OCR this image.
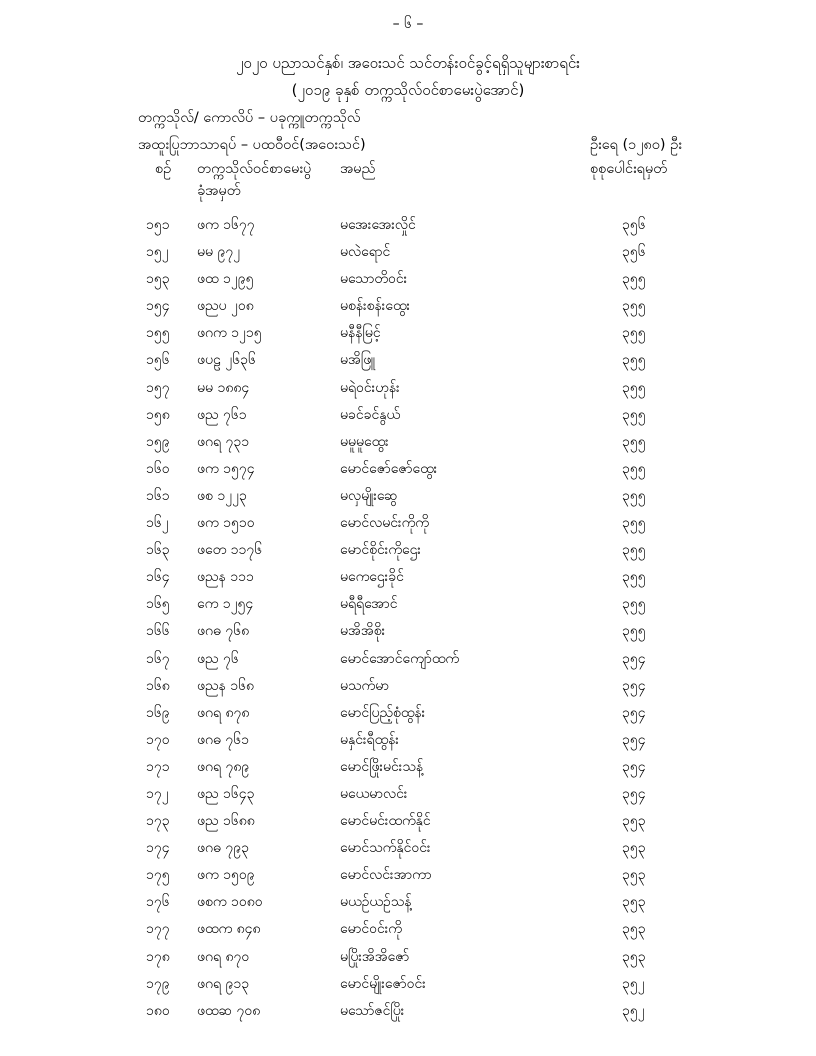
– ၆ –
၂၀၂၀ ပညာသင်နှစ်၊ အဝေးသင် သင်တန်းဝင်ခွင့်ရရှိသူများစာရင်း
(၂၀၁၉ ခုနှစ် တက္ကသိုလ်ဝင်စာမေးပွဲအောင်)
တက္ကသိုလ်/ ကောလိပ် – ပခုက္ကူတက္ကသိုလ်
အထူးပြုဘာသာရပ် – ပထဝီဝင်(အဝေးသင်)	ဦးရေ (၁၂၈၀) ဦး
စဉ် တက္ကသိုလ်ဝင်စာမေးပွဲ
ခုံအမှတ်
အမည်	စုစုပေါင်းရမှတ်
၁၅၁ ဖက ၁၆၇၇	မအေးအေးလှိုင်	၃၅၆
၁၅၂ မမ ၉၇၂	မလဲရောင်	၃၅၆
၁၅၃ ဖထ ၁၂၉၅	မသောတိဝင်း	၃၅၅
၁၅၄ ဖညပ ၂၀၈	မစန်းစန်းထွေး	၃၅၅
၁၅၅ ဖဂက ၁၂၁၅	မနီနီမြင့်	၃၅၅
၁၅၆ ဖပဠ ၂၆၃၆	မအိဖြူ	၃၅၅
၁၅၇ မမ ၁၈၈၄	မရဲဝင်းဟုန်း	၃၅၅
၁၅၈ ဖည ၇၆၁	မခင်ခင်နွယ်	၃၅၅
၁၅၉ ဖဂရ ၇၃၁	မမူမူထွေး	၃၅၅
၁၆၀ ဖက ၁၅၇၄	မောင်ဇော်ဇော်ထွေး	၃၅၅
၁၆၁ ဖစ ၁၂၂၃	မလှမျိုးဆွေ	၃၅၅
၁၆၂ ဖက ၁၅၁၀	မောင်လမင်းကိုကို	၃၅၅
၁၆၃ ဖတေ ၁၁၇၆	မောင်စိုင်းကိုဌေး	၃၅၅
၁၆၄ ဖညန ၁၁၁	မကေဌေးခိုင်	၃၅၅
၁၆၅ ကေ ၁၂၅၄	မရီရီအောင်	၃၅၅
၁၆၆ ဖဂဓ ၇၆၈	မအိအိစိုး	၃၅၅
၁၆၇ ဖည ၇၆	မောင်အောင်ကျော်ထက်	၃၅၄
၁၆၈ ဖညန ၁၆၈	မသက်မာ	၃၅၄
၁၆၉ ဖဂရ ၈၇၈	မောင်ပြည့်စုံထွန်း	၃၅၄
၁၇၀ ဖဂဓ ၇၆၁	မနှင်းရီထွန်း	၃၅၄
၁၇၁ ဖဂရ ၇၈၉	မောင်ဖြိုးမင်းသန့်	၃၅၄
၁၇၂ ဖည ၁၆၄၃	မယေမာလင်း	၃၅၄
၁၇၃ ဖည ၁၆၈၈	မောင်မင်းထက်နိုင်	၃၅၃
၁၇၄ ဖဂဓ ၇၉၃	မောင်သက်နိုင်ဝင်း	၃၅၃
၁၇၅ ဖက ၁၅၀၉	မောင်လင်းအာကာ	၃၅၃
၁၇၆ ဖစက ၁၀၈၀	မယဉ်ယဉ်သန့်	၃၅၃
၁၇၇ ဖထက ၈၄၈	မောင်ဝင်းကို	၃၅၃
၁၇၈ ဖဂရ ၈၇၀	မပြိုးအိအိဇော်	၃၅၃
၁၇၉ ဖဂရ ၉၁၃	မောင်မျိုးဇော်ဝင်း	၃၅၂
၁၈၀ ဖထဆ ၇၀၈	မသော်ဇင်ပြိုး	၃၅၂
